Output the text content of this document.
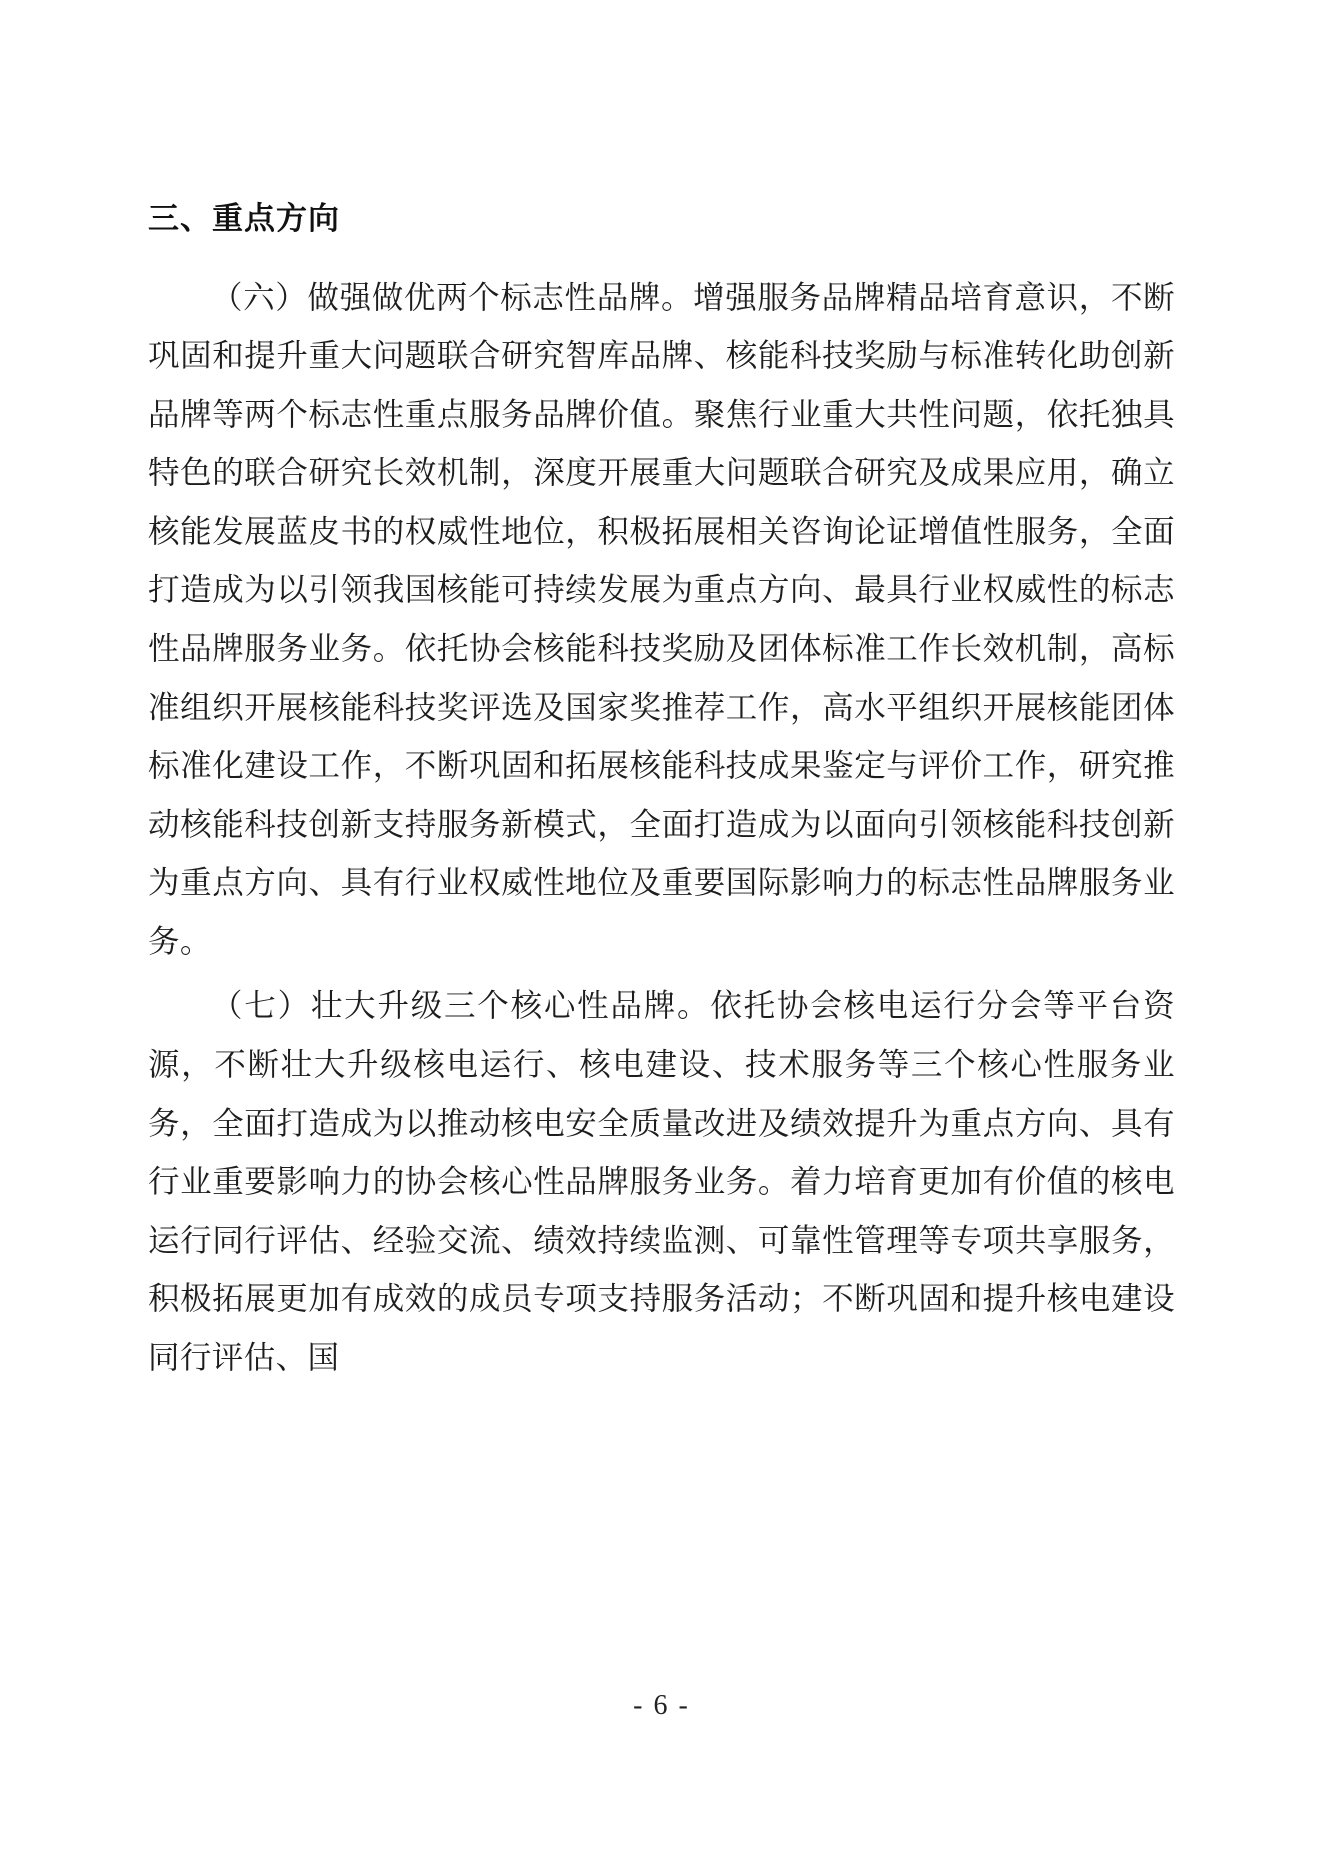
三、重点方向

（六）做强做优两个标志性品牌。增强服务品牌精品培育意识，不断巩固和提升重大问题联合研究智库品牌、核能科技奖励与标准转化助创新品牌等两个标志性重点服务品牌价值。聚焦行业重大共性问题，依托独具特色的联合研究长效机制，深度开展重大问题联合研究及成果应用，确立核能发展蓝皮书的权威性地位，积极拓展相关咨询论证增值性服务，全面打造成为以引领我国核能可持续发展为重点方向、最具行业权威性的标志性品牌服务业务。依托协会核能科技奖励及团体标准工作长效机制，高标准组织开展核能科技奖评选及国家奖推荐工作，高水平组织开展核能团体标准化建设工作，不断巩固和拓展核能科技成果鉴定与评价工作，研究推动核能科技创新支持服务新模式，全面打造成为以面向引领核能科技创新为重点方向、具有行业权威性地位及重要国际影响力的标志性品牌服务业务。

（七）壮大升级三个核心性品牌。依托协会核电运行分会等平台资源，不断壮大升级核电运行、核电建设、技术服务等三个核心性服务业务，全面打造成为以推动核电安全质量改进及绩效提升为重点方向、具有行业重要影响力的协会核心性品牌服务业务。着力培育更加有价值的核电运行同行评估、经验交流、绩效持续监测、可靠性管理等专项共享服务，积极拓展更加有成效的成员专项支持服务活动；不断巩固和提升核电建设同行评估、国

- 6 -
